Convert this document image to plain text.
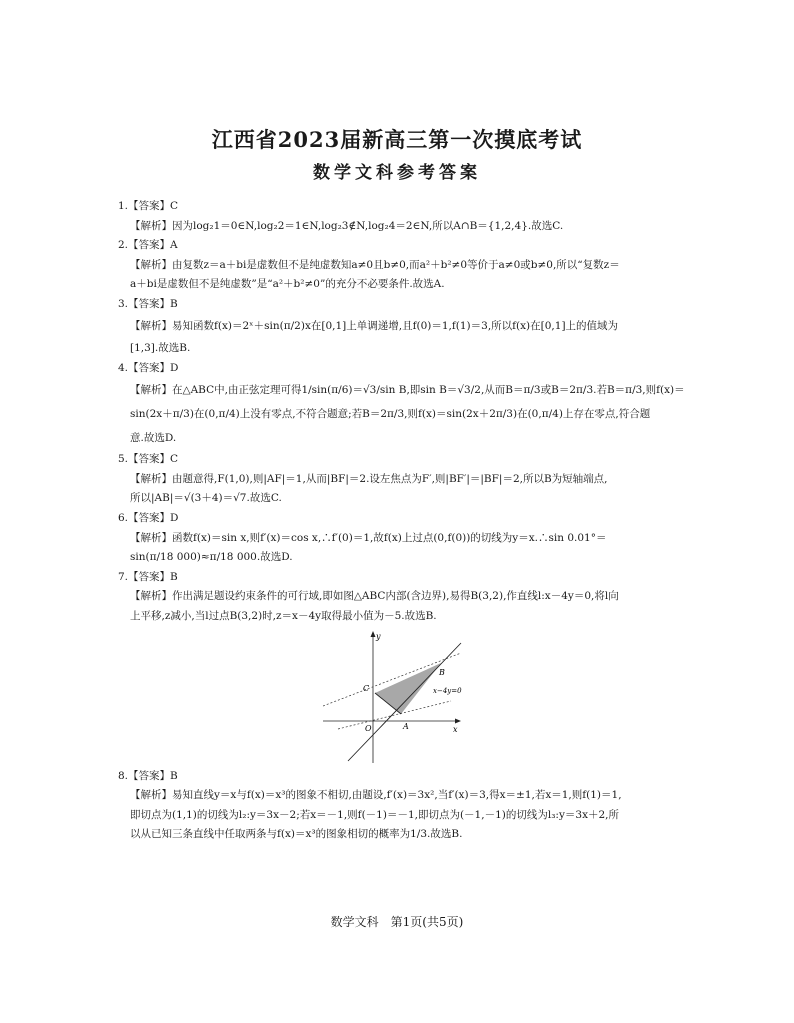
江西省2023届新高三第一次摸底考试
数学文科参考答案

1.【答案】C

【解析】因为log₂1＝0∈N,log₂2＝1∈N,log₂3∉N,log₂4＝2∈N,所以A∩B＝{1,2,4}.故选C.

2.【答案】A

【解析】由复数z＝a＋bi是虚数但不是纯虚数知a≠0且b≠0,而a²＋b²≠0等价于a≠0或b≠0,所以“复数z＝
a＋bi是虚数但不是纯虚数”是“a²＋b²≠0”的充分不必要条件.故选A.

3.【答案】B

【解析】易知函数f(x)＝2ˣ＋sin(π/2)x在[0,1]上单调递增,且f(0)＝1,f(1)＝3,所以f(x)在[0,1]上的值域为
[1,3].故选B.

4.【答案】D

【解析】在△ABC中,由正弦定理可得1/sin(π/6)＝√3/sin B,即sin B＝√3/2,从而B＝π/3或B＝2π/3.若B＝π/3,则f(x)＝
sin(2x＋π/3)在(0,π/4)上没有零点,不符合题意;若B＝2π/3,则f(x)＝sin(2x＋2π/3)在(0,π/4)上存在零点,符合题
意.故选D.

5.【答案】C

【解析】由题意得,F(1,0),则|AF|＝1,从而|BF|＝2.设左焦点为F′,则|BF′|＝|BF|＝2,所以B为短轴端点,
所以|AB|＝√(3＋4)＝√7.故选C.

6.【答案】D

【解析】函数f(x)＝sin x,则f′(x)＝cos x,∴f′(0)＝1,故f(x)上过点(0,f(0))的切线为y＝x.∴sin 0.01°＝
sin(π/18 000)≈π/18 000.故选D.

7.【答案】B

【解析】作出满足题设约束条件的可行域,即如图△ABC内部(含边界),易得B(3,2),作直线l:x－4y＝0,将l向
上平移,z减小,当l过点B(3,2)时,z＝x－4y取得最小值为－5.故选B.
x
y
O	A
B
C	x−4y=0

8.【答案】B

【解析】易知直线y＝x与f(x)＝x³的图象不相切,由题设,f′(x)＝3x²,当f′(x)＝3,得x＝±1,若x＝1,则f(1)＝1,
即切点为(1,1)的切线为l₂:y＝3x－2;若x＝－1,则f(－1)＝－1,即切点为(－1,－1)的切线为l₃:y＝3x＋2,所
以从已知三条直线中任取两条与f(x)＝x³的图象相切的概率为1/3.故选B.
数学文科　第1页(共5页)
